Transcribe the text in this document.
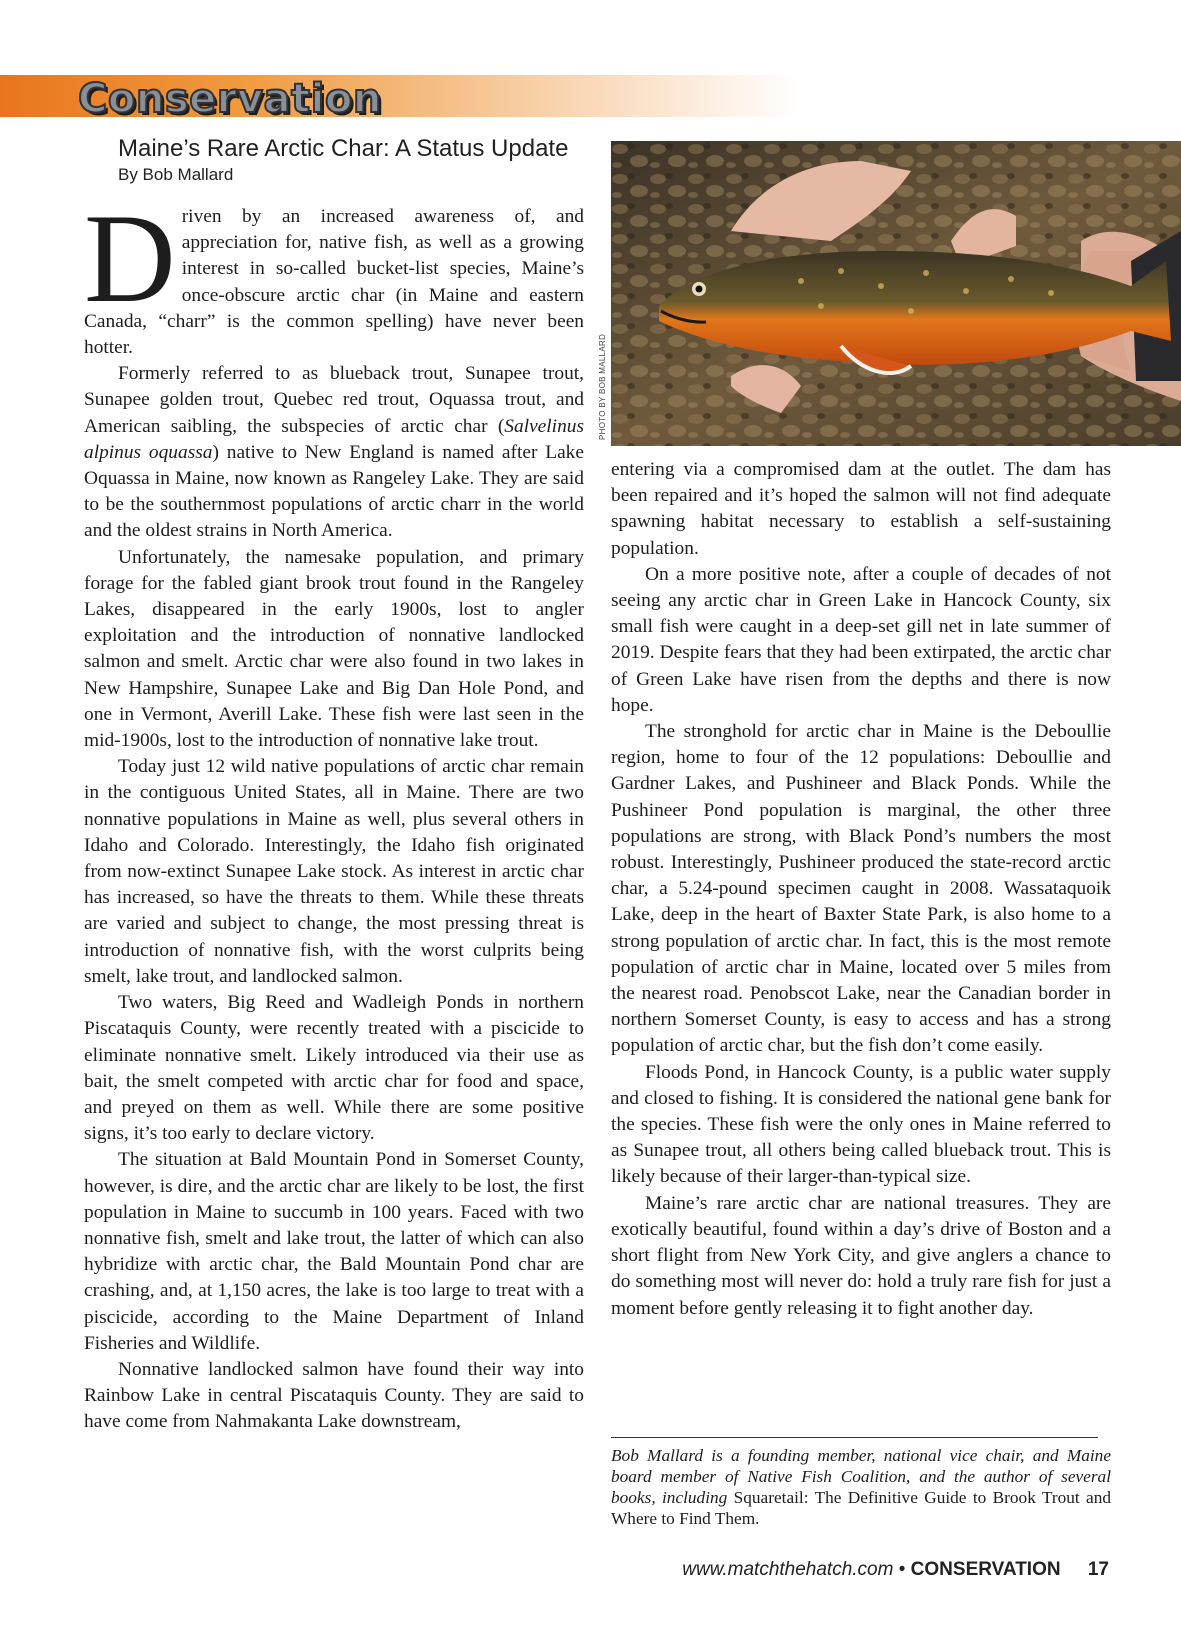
Conservation
Maine’s Rare Arctic Char: A Status Update

By Bob Mallard

PHOTO BY BOB MALLARD

Driven by an increased awareness of, and appreciation for, native fish, as well as a growing interest in so-called bucket-list species, Maine’s once-obscure arctic char (in Maine and eastern Canada, “charr” is the common spelling) have never been hotter.

Formerly referred to as blueback trout, Sunapee trout, Sunapee golden trout, Quebec red trout, Oquassa trout, and American saibling, the subspecies of arctic char (Salvelinus alpinus oquassa) native to New England is named after Lake Oquassa in Maine, now known as Rangeley Lake. They are said to be the southernmost populations of arctic charr in the world and the oldest strains in North America.

Unfortunately, the namesake population, and primary forage for the fabled giant brook trout found in the Rangeley Lakes, disappeared in the early 1900s, lost to angler exploitation and the introduction of nonnative landlocked salmon and smelt. Arctic char were also found in two lakes in New Hampshire, Sunapee Lake and Big Dan Hole Pond, and one in Vermont, Averill Lake. These fish were last seen in the mid-1900s, lost to the introduction of nonnative lake trout.

Today just 12 wild native populations of arctic char remain in the contiguous United States, all in Maine. There are two nonnative populations in Maine as well, plus several others in Idaho and Colorado. Interestingly, the Idaho fish originated from now-extinct Sunapee Lake stock. As interest in arctic char has increased, so have the threats to them. While these threats are varied and subject to change, the most pressing threat is introduction of nonnative fish, with the worst culprits being smelt, lake trout, and landlocked salmon.

Two waters, Big Reed and Wadleigh Ponds in northern Piscataquis County, were recently treated with a piscicide to eliminate nonnative smelt. Likely introduced via their use as bait, the smelt competed with arctic char for food and space, and preyed on them as well. While there are some positive signs, it’s too early to declare victory.

The situation at Bald Mountain Pond in Somerset County, however, is dire, and the arctic char are likely to be lost, the first population in Maine to succumb in 100 years. Faced with two nonnative fish, smelt and lake trout, the latter of which can also hybridize with arctic char, the Bald Mountain Pond char are crashing, and, at 1,150 acres, the lake is too large to treat with a piscicide, according to the Maine Department of Inland Fisheries and Wildlife.

Nonnative landlocked salmon have found their way into Rainbow Lake in central Piscataquis County. They are said to have come from Nahmakanta Lake downstream,

entering via a compromised dam at the outlet. The dam has been repaired and it’s hoped the salmon will not find adequate spawning habitat necessary to establish a self-sustaining population.

On a more positive note, after a couple of decades of not seeing any arctic char in Green Lake in Hancock County, six small fish were caught in a deep-set gill net in late summer of 2019. Despite fears that they had been extirpated, the arctic char of Green Lake have risen from the depths and there is now hope.

The stronghold for arctic char in Maine is the Deboullie region, home to four of the 12 populations: Deboullie and Gardner Lakes, and Pushineer and Black Ponds. While the Pushineer Pond population is marginal, the other three populations are strong, with Black Pond’s numbers the most robust. Interestingly, Pushineer produced the state-record arctic char, a 5.24-pound specimen caught in 2008. Wassataquoik Lake, deep in the heart of Baxter State Park, is also home to a strong population of arctic char. In fact, this is the most remote population of arctic char in Maine, located over 5 miles from the nearest road. Penobscot Lake, near the Canadian border in northern Somerset County, is easy to access and has a strong population of arctic char, but the fish don’t come easily.

Floods Pond, in Hancock County, is a public water supply and closed to fishing. It is considered the national gene bank for the species. These fish were the only ones in Maine referred to as Sunapee trout, all others being called blueback trout. This is likely because of their larger-than-typical size.

Maine’s rare arctic char are national treasures. They are exotically beautiful, found within a day’s drive of Boston and a short flight from New York City, and give anglers a chance to do something most will never do: hold a truly rare fish for just a moment before gently releasing it to fight another day.

Bob Mallard is a founding member, national vice chair, and Maine board member of Native Fish Coalition, and the author of several books, including Squaretail: The Definitive Guide to Brook Trout and Where to Find Them.
www.matchthehatch.com • CONSERVATION 17
